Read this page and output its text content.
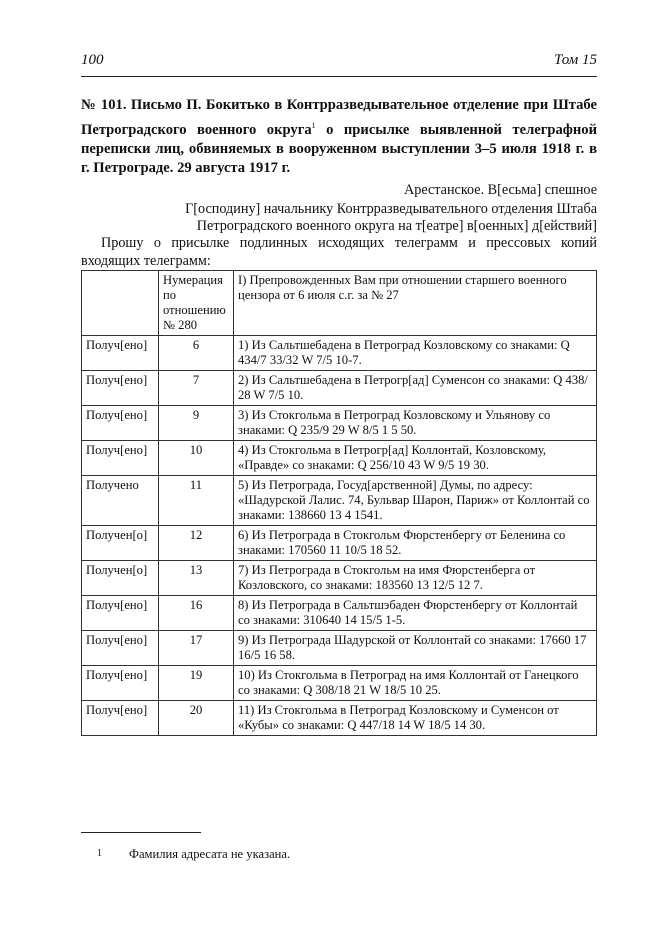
100	Том 15
№ 101. Письмо П. Бокитько в Контрразведывательное отделение при Штабе Петроградского военного округа$^1$ о присылке выявленной телеграфной переписки лиц, обвиняемых в вооруженном выступлении 3–5 июля 1918 г. в г. Петрограде. 29 августа 1917 г.
Арестанское. В[есьма] спешное
Г[осподину] начальнику Контрразведывательного отделения Штаба
Петроградского военного округа на т[еатре] в[оенных] д[ействий]
Прошу о присылке подлинных исходящих телеграмм и прессовых копий входящих телеграмм:
	Нумерация по отношению № 280	I) Препровожденных Вам при отношении старшего военного цензора от 6 июля с.г. за № 27
Получ[ено]	6	1) Из Сальтшебадена в Петроград Козловскому со знаками: Q 434/7 33/32 W 7/5 10-7.
Получ[ено]	7	2) Из Сальтшебадена в Петрогр[ад] Суменсон со знаками: Q 438/ 28 W 7/5 10.
Получ[ено]	9	3) Из Стокгольма в Петроград Козловскому и Ульянову со знаками: Q 235/9 29 W 8/5 1 5 50.
Получ[ено]	10	4) Из Стокгольма в Петрогр[ад] Коллонтай, Козловскому, «Правде» со знаками: Q 256/10 43 W 9/5 19 30.
Получено	11	5) Из Петрограда, Госуд[арственной] Думы, по адресу: «Шадурской Лалис. 74, Бульвар Шарон, Париж» от Коллонтай со знаками: 138660 13 4 1541.
Получен[о]	12	6) Из Петрограда в Стокгольм Фюрстенбергу от Беленина со знаками: 170560 11 10/5 18 52.
Получен[о]	13	7) Из Петрограда в Стокгольм на имя Фюрстенберга от Козловского, со знаками: 183560 13 12/5 12 7.
Получ[ено]	16	8) Из Петрограда в Сальтшэбаден Фюрстенбергу от Коллонтай со знаками: 310640 14 15/5 1-5.
Получ[ено]	17	9) Из Петрограда Шадурской от Коллонтай со знаками: 17660 17 16/5 16 58.
Получ[ено]	19	10) Из Стокгольма в Петроград на имя Коллонтай от Ганецкого со знаками: Q 308/18 21 W 18/5 10 25.
Получ[ено]	20	11) Из Стокгольма в Петроград Козловскому и Суменсон от «Кубы» со знаками: Q 447/18 14 W 18/5 14 30.
1 Фамилия адресата не указана.
